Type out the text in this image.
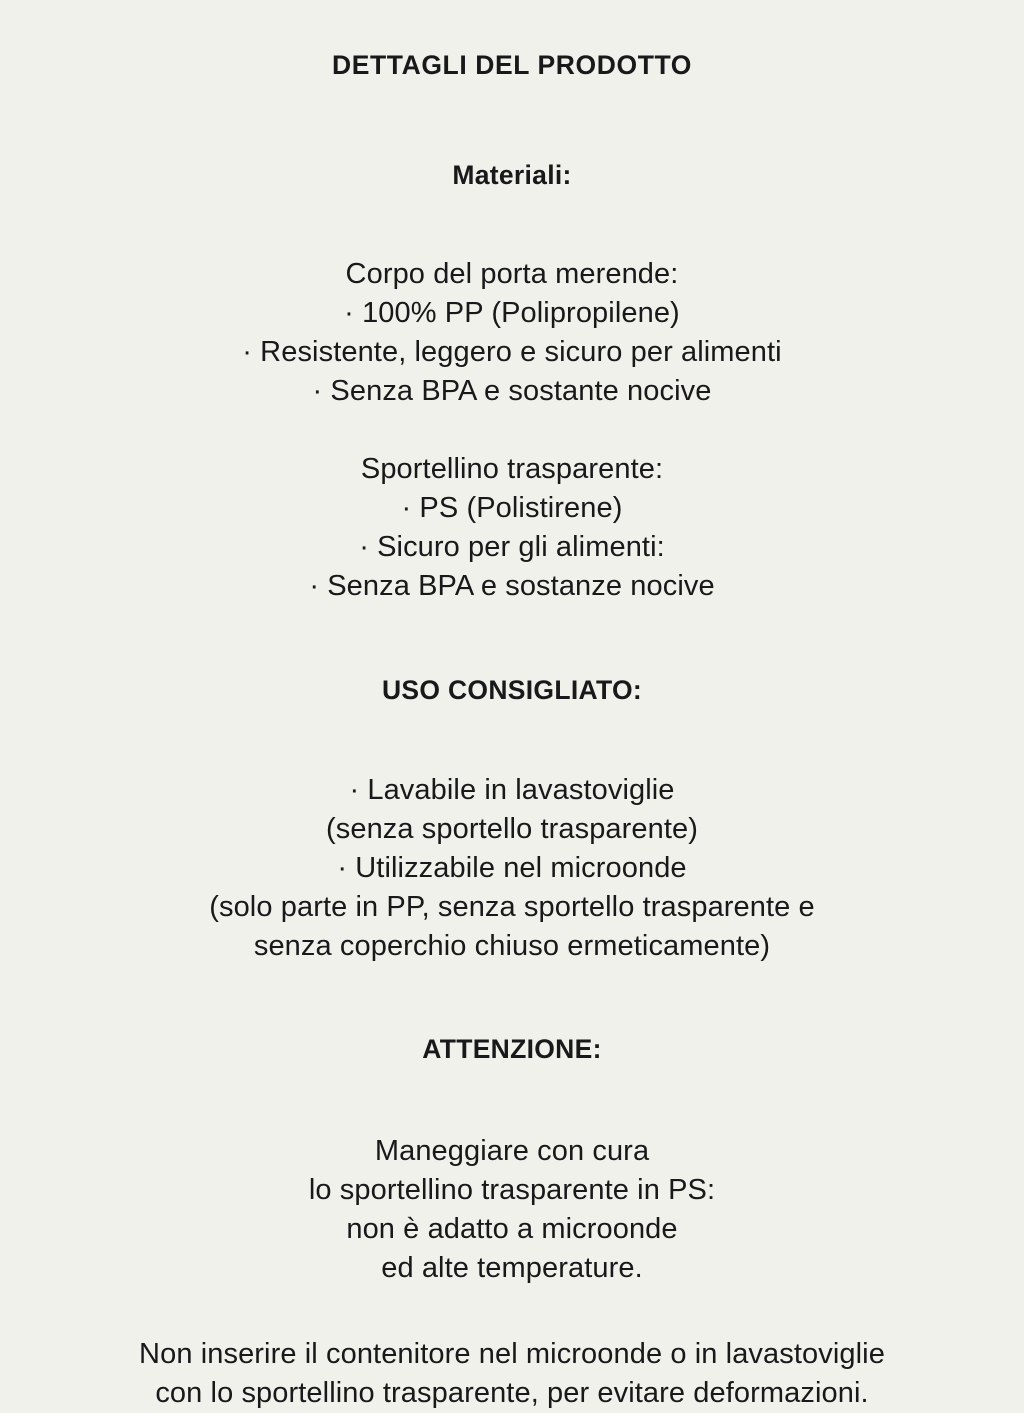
DETTAGLI DEL PRODOTTO
Materiali:
Corpo del porta merende:
· 100% PP (Polipropilene)
· Resistente, leggero e sicuro per alimenti
· Senza BPA e sostante nocive
Sportellino trasparente:
· PS (Polistirene)
· Sicuro per gli alimenti:
· Senza BPA e sostanze nocive
USO CONSIGLIATO:
· Lavabile in lavastoviglie
(senza sportello trasparente)
· Utilizzabile nel microonde
(solo parte in PP, senza sportello trasparente e
senza coperchio chiuso ermeticamente)
ATTENZIONE:
Maneggiare con cura
lo sportellino trasparente in PS:
non è adatto a microonde
ed alte temperature.
Non inserire il contenitore nel microonde o in lavastoviglie
con lo sportellino trasparente, per evitare deformazioni.
